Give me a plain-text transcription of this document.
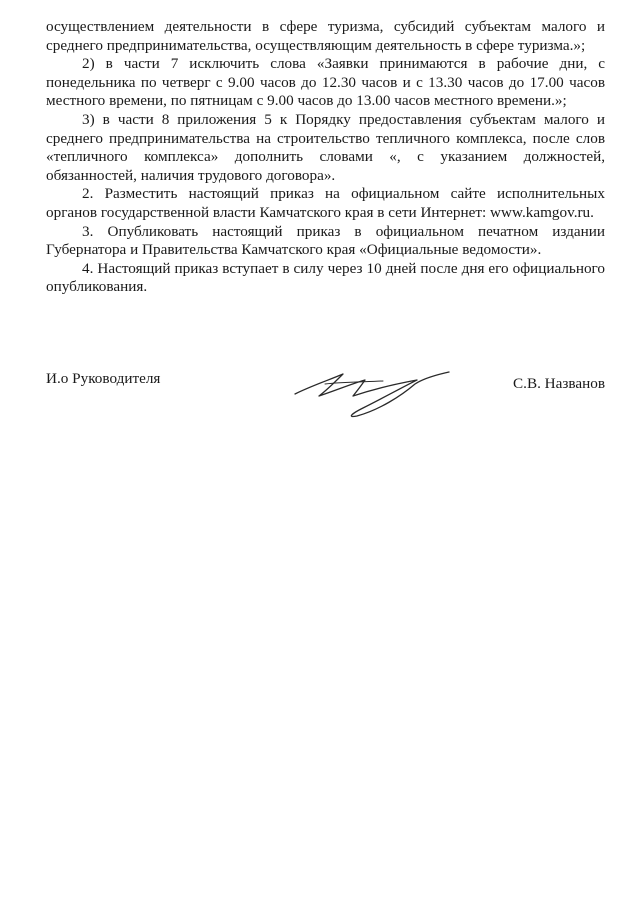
осуществлением деятельности в сфере туризма, субсидий субъектам малого и среднего предпринимательства, осуществляющим деятельность в сфере туризма.»;

2) в части 7 исключить слова «Заявки принимаются в рабочие дни, с понедельника по четверг с 9.00 часов до 12.30 часов и с 13.30 часов до 17.00 часов местного времени, по пятницам с 9.00 часов до 13.00 часов местного времени.»;

3) в части 8 приложения 5 к Порядку предоставления субъектам малого и среднего предпринимательства на строительство тепличного комплекса, после слов «тепличного комплекса» дополнить словами «, с указанием должностей, обязанностей, наличия трудового договора».

2. Разместить настоящий приказ на официальном сайте исполнительных органов государственной власти Камчатского края в сети Интернет: www.kamgov.ru.

3. Опубликовать настоящий приказ в официальном печатном издании Губернатора и Правительства Камчатского края «Официальные ведомости».

4. Настоящий приказ вступает в силу через 10 дней после дня его официального опубликования.

И.о Руководителя	С.В. Названов
